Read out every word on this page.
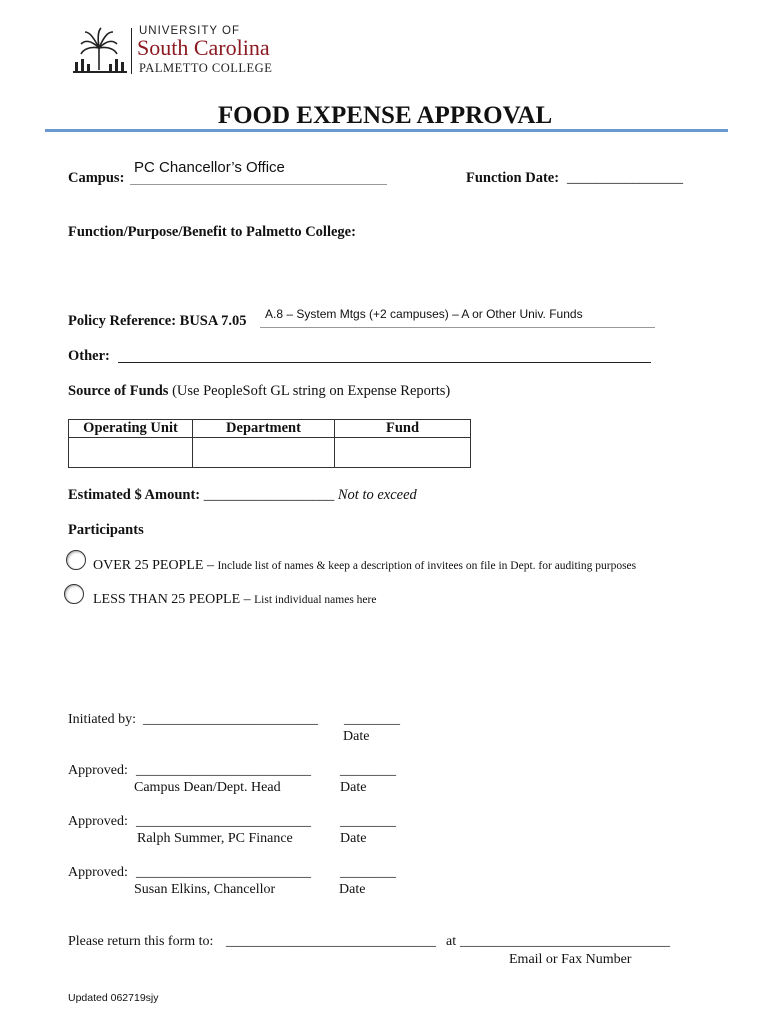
UNIVERSITY OF
South Carolina
PALMETTO COLLEGE
FOOD EXPENSE APPROVAL
Campus:
PC Chancellor’s Office
Function Date: ________________
Function/Purpose/Benefit to Palmetto College:
Policy Reference: BUSA 7.05 A.8 – System Mtgs (+2 campuses) – A or Other Univ. Funds
Other:
Source of Funds (Use PeopleSoft GL string on Expense Reports)
Operating Unit	Department	Fund

Estimated $ Amount: __________________ Not to exceed
Participants
OVER 25 PEOPLE – Include list of names & keep a description of invitees on file in Dept. for auditing purposes
LESS THAN 25 PEOPLE – List individual names here
Initiated by: _________________________ ________
Date
Approved: _________________________
Campus Dean/Dept. Head
________
Date
Approved: _________________________
Ralph Summer, PC Finance
________
Date
Approved: _________________________
Susan Elkins, Chancellor
________
Date
Please return this form to: ______________________________ at ______________________________
Email or Fax Number
Updated 062719sjy
